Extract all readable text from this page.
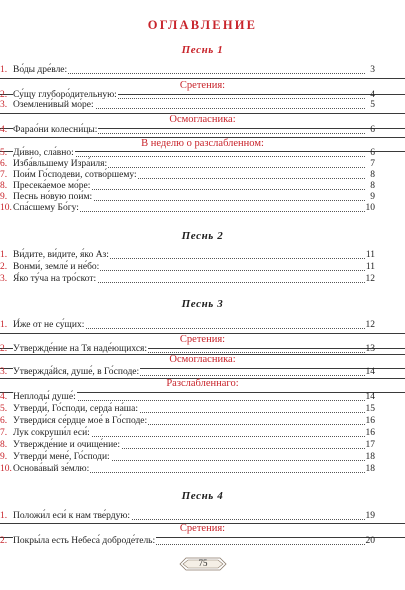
ОГЛАВЛЕНИЕ
Песнь 1
1. Во́ды дре́вле:	3
Сретения:
2. Су́щу глуборо́дительную:	4
3. Оземлени́вый мо́ре:	5
Осмогласника:
4. Фарао́ни колесни́цы:	6
В неделю о разслабленном:
5. Ди́вно, сла́вно:	6
6. Изба́вльшему Изра́иля:	7
7. Пои́м Го́сподеви, сотво́ршему:	8
8. Пресека́емое мо́ре:	8
9. Песнь но́вую пои́м:	9
10. Спа́сшему Бо́гу:	10
Песнь 2
1. Ви́дите, ви́дите, я́ко Аз:	11
2. Вонми́, земле́ и не́бо:	11
3. Я́ко ту́ча на тро́скот:	12
Песнь 3
1. И́же от не су́щих:	12
Сретения:
2. Утвержде́ние на Тя наде́ющихся:	13
Осмогласника:
3. Утвержда́йся, душе́, в Го́споде:	14
Разслабленнаго:
4. Неплоды́ душе́:	14
5. Утверди́, Го́споди, серда́ на́ша:	15
6. Утверди́ся се́рдце мое́ в Го́споде:	16
7. Лук сокруши́л еси́:	16
8. Утвержде́ние и очище́ние:	17
9. Утверди́ мене́, Го́споди:	18
10. Основа́вый зе́млю:	18
Песнь 4
1. Положи́л еси́ к нам тве́рдую:	19
Сретения:
2. Покры́ла есть Небеса́ доброде́тель:	20
75
